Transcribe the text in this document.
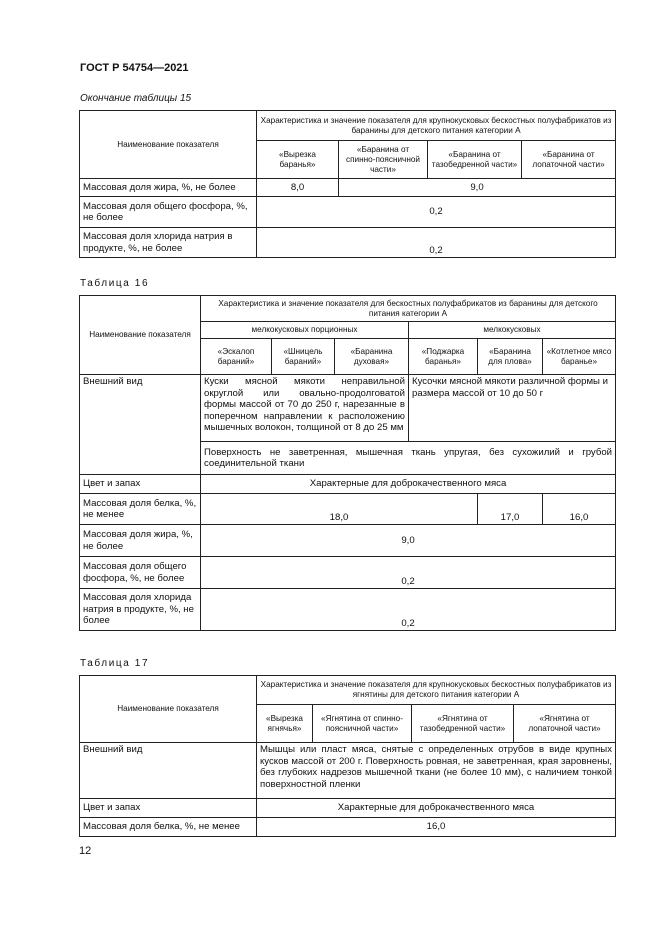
ГОСТ Р 54754—2021
Окончание таблицы 15
Наименование показателя	Характеристика и значение показателя для крупнокусковых бескостных полуфабрикатов из баранины для детского питания категории А			
	«Вырезка баранья»	«Баранина от спинно-поясничной части»	«Баранина от тазобедренной части»	«Баранина от лопаточной части»
Массовая доля жира, %, не более	8,0	9,0		
Массовая доля общего фосфора, %, не более	0,2			
Массовая доля хлорида натрия в продукте, %, не более	0,2			
Таблица 16
Наименование показателя	Характеристика и значение показателя для бескостных полуфабрикатов из баранины для детского питания категории А					
	мелкокусковых порционных			мелкокусковых		
	«Эскалоп бараний»	«Шницель бараний»	«Баранина духовая»	«Поджарка баранья»	«Баранина для плова»	«Котлетное мясо баранье»
Внешний вид	Куски мясной мякоти неправильной округлой или овально-продолговатой формы массой от 70 до 250 г, нарезанные в поперечном направлении к расположению мышечных волокон, толщиной от 8 до 25 мм			Кусочки мясной мякоти различной формы и размера массой от 10 до 50 г		
	Поверхность не заветренная, мышечная ткань упругая, без сухожилий и грубой соединительной ткани					
Цвет и запах	Характерные для доброкачественного мяса					
Массовая доля белка, %, не менее	18,0				17,0	16,0
Массовая доля жира, %, не более	9,0					
Массовая доля общего фосфора, %, не более	0,2					
Массовая доля хлорида натрия в продукте, %, не более	0,2					
Таблица 17
Наименование показателя	Характеристика и значение показателя для крупнокусковых бескостных полуфабрикатов из ягнятины для детского питания категории А			
	«Вырезка ягнячья»	«Ягнятина от спинно-поясничной части»	«Ягнятина от тазобедренной части»	«Ягнятина от лопаточной части»
Внешний вид	Мышцы или пласт мяса, снятые с определенных отрубов в виде крупных кусков массой от 200 г. Поверхность ровная, не заветренная, края заровнены, без глубоких надрезов мышечной ткани (не более 10 мм), с наличием тонкой поверхностной пленки			
Цвет и запах	Характерные для доброкачественного мяса			
Массовая доля белка, %, не менее	16,0			
12
